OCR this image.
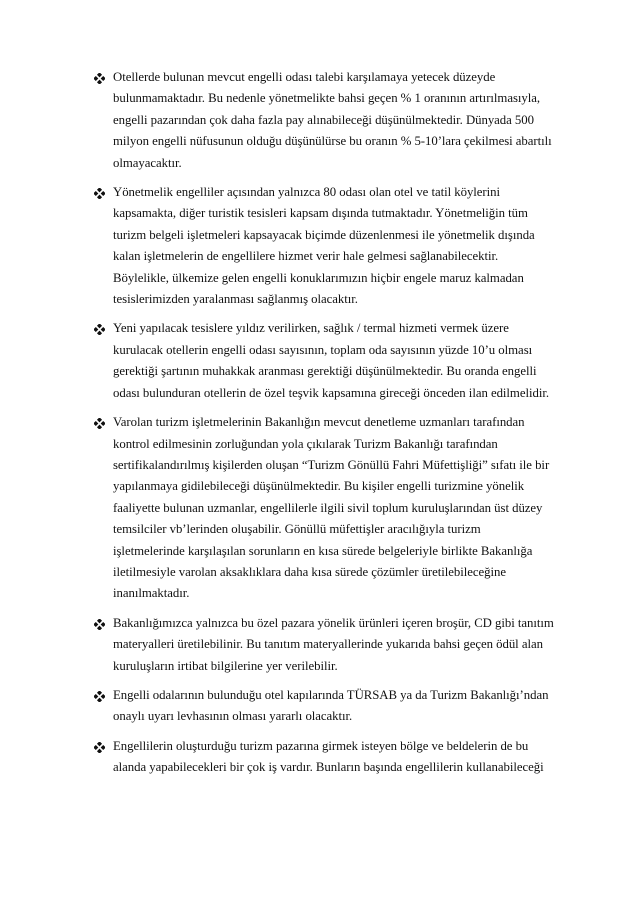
Otellerde bulunan mevcut engelli odası talebi karşılamaya yetecek düzeyde
bulunmamaktadır. Bu nedenle yönetmelikte bahsi geçen % 1 oranının artırılmasıyla,
engelli pazarından çok daha fazla pay alınabileceği düşünülmektedir. Dünyada 500
milyon engelli nüfusunun olduğu düşünülürse bu oranın % 5-10’lara çekilmesi abartılı
olmayacaktır.
Yönetmelik engelliler açısından yalnızca 80 odası olan otel ve tatil köylerini
kapsamakta, diğer turistik tesisleri kapsam dışında tutmaktadır. Yönetmeliğin tüm
turizm belgeli işletmeleri kapsayacak biçimde düzenlenmesi ile yönetmelik dışında
kalan işletmelerin de engellilere hizmet verir hale gelmesi sağlanabilecektir.
Böylelikle, ülkemize gelen engelli konuklarımızın hiçbir engele maruz kalmadan
tesislerimizden yaralanması sağlanmış olacaktır.
Yeni yapılacak tesislere yıldız verilirken, sağlık / termal hizmeti vermek üzere
kurulacak otellerin engelli odası sayısının, toplam oda sayısının yüzde 10’u olması
gerektiği şartının muhakkak aranması gerektiği düşünülmektedir. Bu oranda engelli
odası bulunduran otellerin de özel teşvik kapsamına gireceği önceden ilan edilmelidir.
Varolan turizm işletmelerinin Bakanlığın mevcut denetleme uzmanları tarafından
kontrol edilmesinin zorluğundan yola çıkılarak Turizm Bakanlığı tarafından
sertifikalandırılmış kişilerden oluşan “Turizm Gönüllü Fahri Müfettişliği” sıfatı ile bir
yapılanmaya gidilebileceği düşünülmektedir. Bu kişiler engelli turizmine yönelik
faaliyette bulunan uzmanlar, engellilerle ilgili sivil toplum kuruluşlarından üst düzey
temsilciler vb’lerinden oluşabilir. Gönüllü müfettişler aracılığıyla turizm
işletmelerinde karşılaşılan sorunların en kısa sürede belgeleriyle birlikte Bakanlığa
iletilmesiyle varolan aksaklıklara daha kısa sürede çözümler üretilebileceğine
inanılmaktadır.
Bakanlığımızca yalnızca bu özel pazara yönelik ürünleri içeren broşür, CD gibi tanıtım
materyalleri üretilebilinir. Bu tanıtım materyallerinde yukarıda bahsi geçen ödül alan
kuruluşların irtibat bilgilerine yer verilebilir.
Engelli odalarının bulunduğu otel kapılarında TÜRSAB ya da Turizm Bakanlığı’ndan
onaylı uyarı levhasının olması yararlı olacaktır.
Engellilerin oluşturduğu turizm pazarına girmek isteyen bölge ve beldelerin de bu
alanda yapabilecekleri bir çok iş vardır. Bunların başında engellilerin kullanabileceği
